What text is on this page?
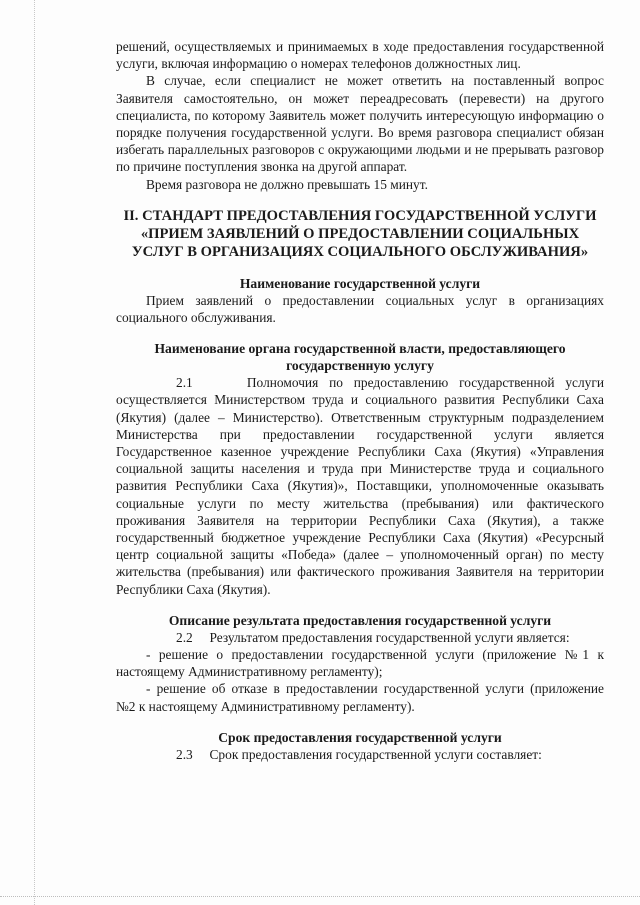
решений, осуществляемых и принимаемых в ходе предоставления государственной услуги, включая информацию о номерах телефонов должностных лиц.

В случае, если специалист не может ответить на поставленный вопрос Заявителя самостоятельно, он может переадресовать (перевести) на другого специалиста, по которому Заявитель может получить интересующую информацию о порядке получения государственной услуги. Во время разговора специалист обязан избегать параллельных разговоров с окружающими людьми и не прерывать разговор по причине поступления звонка на другой аппарат.

Время разговора не должно превышать 15 минут.

II. СТАНДАРТ ПРЕДОСТАВЛЕНИЯ ГОСУДАРСТВЕННОЙ УСЛУГИ «ПРИЕМ ЗАЯВЛЕНИЙ О ПРЕДОСТАВЛЕНИИ СОЦИАЛЬНЫХ УСЛУГ В ОРГАНИЗАЦИЯХ СОЦИАЛЬНОГО ОБСЛУЖИВАНИЯ»
Наименование государственной услуги

Прием заявлений о предоставлении социальных услуг в организациях социального обслуживания.

Наименование органа государственной власти, предоставляющего государственную услугу

2.1	Полномочия по предоставлению государственной услуги осуществляется Министерством труда и социального развития Республики Саха (Якутия) (далее – Министерство). Ответственным структурным подразделением Министерства при предоставлении государственной услуги является Государственное казенное учреждение Республики Саха (Якутия) «Управления социальной защиты населения и труда при Министерстве труда и социального развития Республики Саха (Якутия)», Поставщики, уполномоченные оказывать социальные услуги по месту жительства (пребывания) или фактического проживания Заявителя на территории Республики Саха (Якутия), а также государственный бюджетное учреждение Республики Саха (Якутия) «Ресурсный центр социальной защиты «Победа» (далее – уполномоченный орган) по месту жительства (пребывания) или фактического проживания Заявителя на территории Республики Саха (Якутия).

Описание результата предоставления государственной услуги

2.2 Результатом предоставления государственной услуги является:

- решение о предоставлении государственной услуги (приложение №1 к настоящему Административному регламенту);

- решение об отказе в предоставлении государственной услуги (приложение №2 к настоящему Административному регламенту).

Срок предоставления государственной услуги

2.3 Срок предоставления государственной услуги составляет:
